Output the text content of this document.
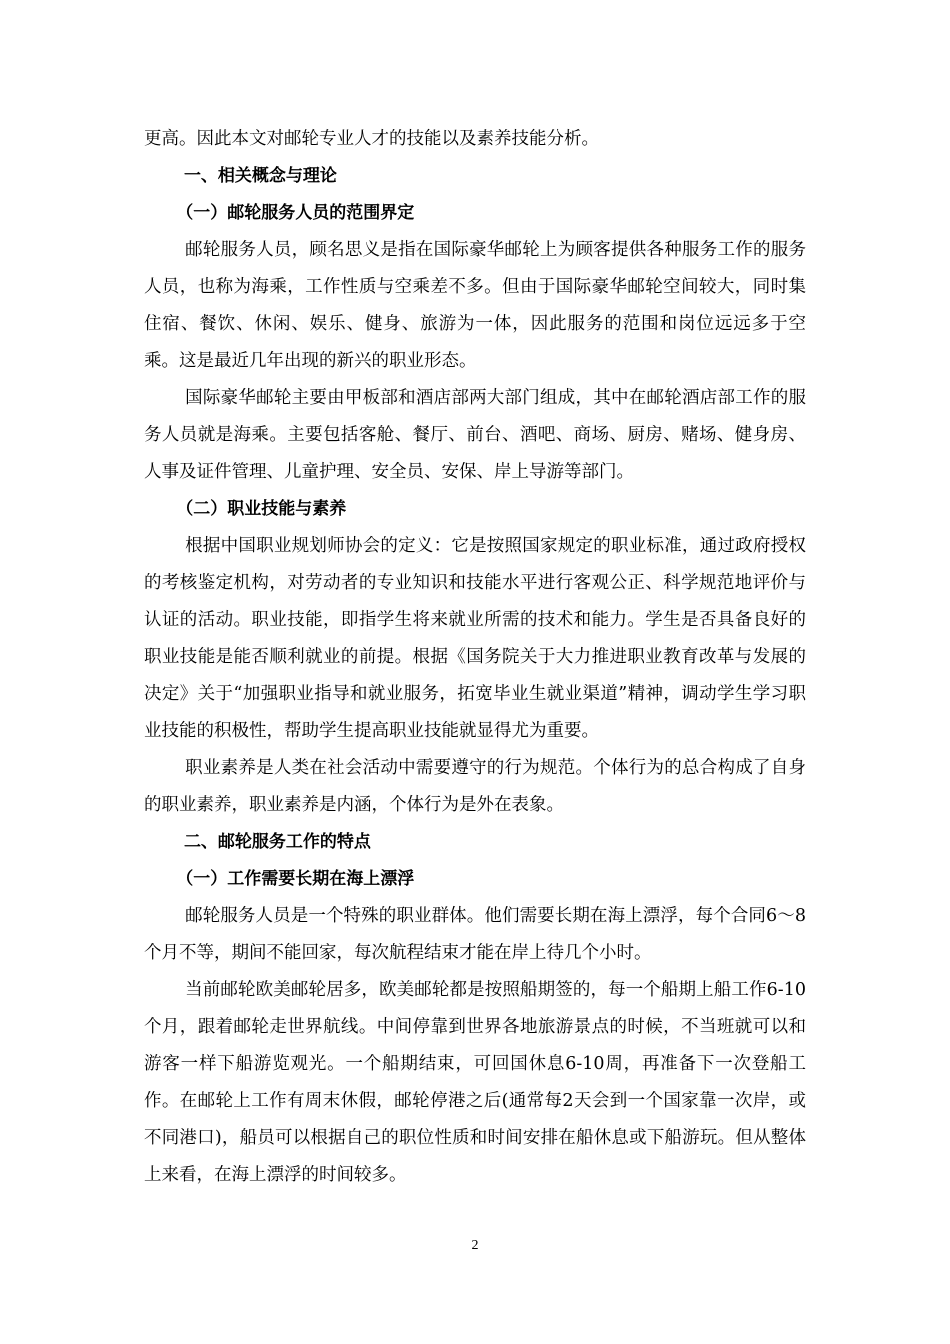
更高。因此本文对邮轮专业人才的技能以及素养技能分析。

一、相关概念与理论

（一）邮轮服务人员的范围界定

邮轮服务人员，顾名思义是指在国际豪华邮轮上为顾客提供各种服务工作的服务人员，也称为海乘，工作性质与空乘差不多。但由于国际豪华邮轮空间较大，同时集住宿、餐饮、休闲、娱乐、健身、旅游为一体，因此服务的范围和岗位远远多于空乘。这是最近几年出现的新兴的职业形态。

国际豪华邮轮主要由甲板部和酒店部两大部门组成，其中在邮轮酒店部工作的服务人员就是海乘。主要包括客舱、餐厅、前台、酒吧、商场、厨房、赌场、健身房、人事及证件管理、儿童护理、安全员、安保、岸上导游等部门。

（二）职业技能与素养

根据中国职业规划师协会的定义：它是按照国家规定的职业标准，通过政府授权的考核鉴定机构，对劳动者的专业知识和技能水平进行客观公正、科学规范地评价与认证的活动。职业技能，即指学生将来就业所需的技术和能力。学生是否具备良好的职业技能是能否顺利就业的前提。根据《国务院关于大力推进职业教育改革与发展的决定》关于“加强职业指导和就业服务，拓宽毕业生就业渠道”精神，调动学生学习职业技能的积极性，帮助学生提高职业技能就显得尤为重要。

职业素养是人类在社会活动中需要遵守的行为规范。个体行为的总合构成了自身的职业素养，职业素养是内涵，个体行为是外在表象。

二、邮轮服务工作的特点

（一）工作需要长期在海上漂浮

邮轮服务人员是一个特殊的职业群体。他们需要长期在海上漂浮，每个合同6～8个月不等，期间不能回家，每次航程结束才能在岸上待几个小时。

当前邮轮欧美邮轮居多，欧美邮轮都是按照船期签的，每一个船期上船工作6-10个月，跟着邮轮走世界航线。中间停靠到世界各地旅游景点的时候，不当班就可以和游客一样下船游览观光。一个船期结束，可回国休息6-10周，再准备下一次登船工作。在邮轮上工作有周末休假，邮轮停港之后(通常每2天会到一个国家靠一次岸，或不同港口)，船员可以根据自己的职位性质和时间安排在船休息或下船游玩。但从整体上来看，在海上漂浮的时间较多。

2
